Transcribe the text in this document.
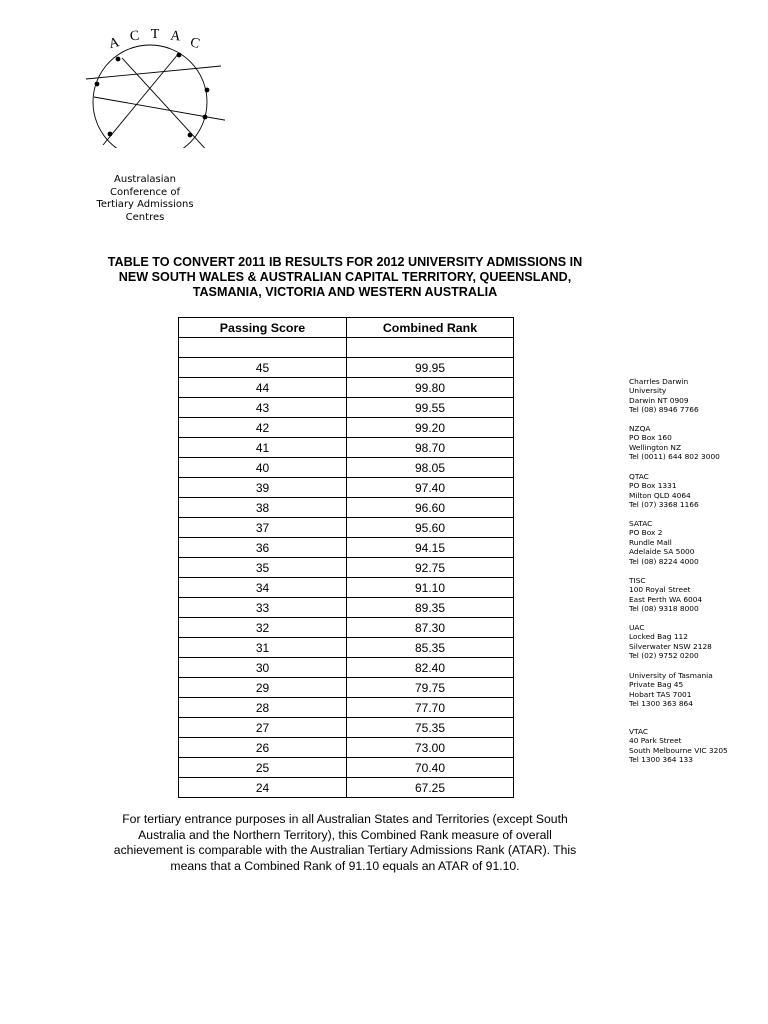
A C T A C
Australasian
Conference of
Tertiary Admissions
Centres
TABLE TO CONVERT 2011 IB RESULTS FOR 2012 UNIVERSITY ADMISSIONS IN
NEW SOUTH WALES & AUSTRALIAN CAPITAL TERRITORY, QUEENSLAND,
TASMANIA, VICTORIA AND WESTERN AUSTRALIA
Passing Score	Combined Rank

45	99.95
44	99.80
43	99.55
42	99.20
41	98.70
40	98.05
39	97.40
38	96.60
37	95.60
36	94.15
35	92.75
34	91.10
33	89.35
32	87.30
31	85.35
30	82.40
29	79.75
28	77.70
27	75.35
26	73.00
25	70.40
24	67.25
For tertiary entrance purposes in all Australian States and Territories (except South
Australia and the Northern Territory), this Combined Rank measure of overall
achievement is comparable with the Australian Tertiary Admissions Rank (ATAR). This
means that a Combined Rank of 91.10 equals an ATAR of 91.10.
Charrles Darwin
University
Darwin NT 0909
Tel (08) 8946 7766
NZQA
PO Box 160
Wellington NZ
Tel (0011) 644 802 3000
QTAC
PO Box 1331
Milton QLD 4064
Tel (07) 3368 1166
SATAC
PO Box 2
Rundle Mall
Adelaide SA 5000
Tel (08) 8224 4000
TISC
100 Royal Street
East Perth WA 6004
Tel (08) 9318 8000
UAC
Locked Bag 112
Silverwater NSW 2128
Tel (02) 9752 0200
University of Tasmania
Private Bag 45
Hobart TAS 7001
Tel 1300 363 864
VTAC
40 Park Street
South Melbourne VIC 3205
Tel 1300 364 133
